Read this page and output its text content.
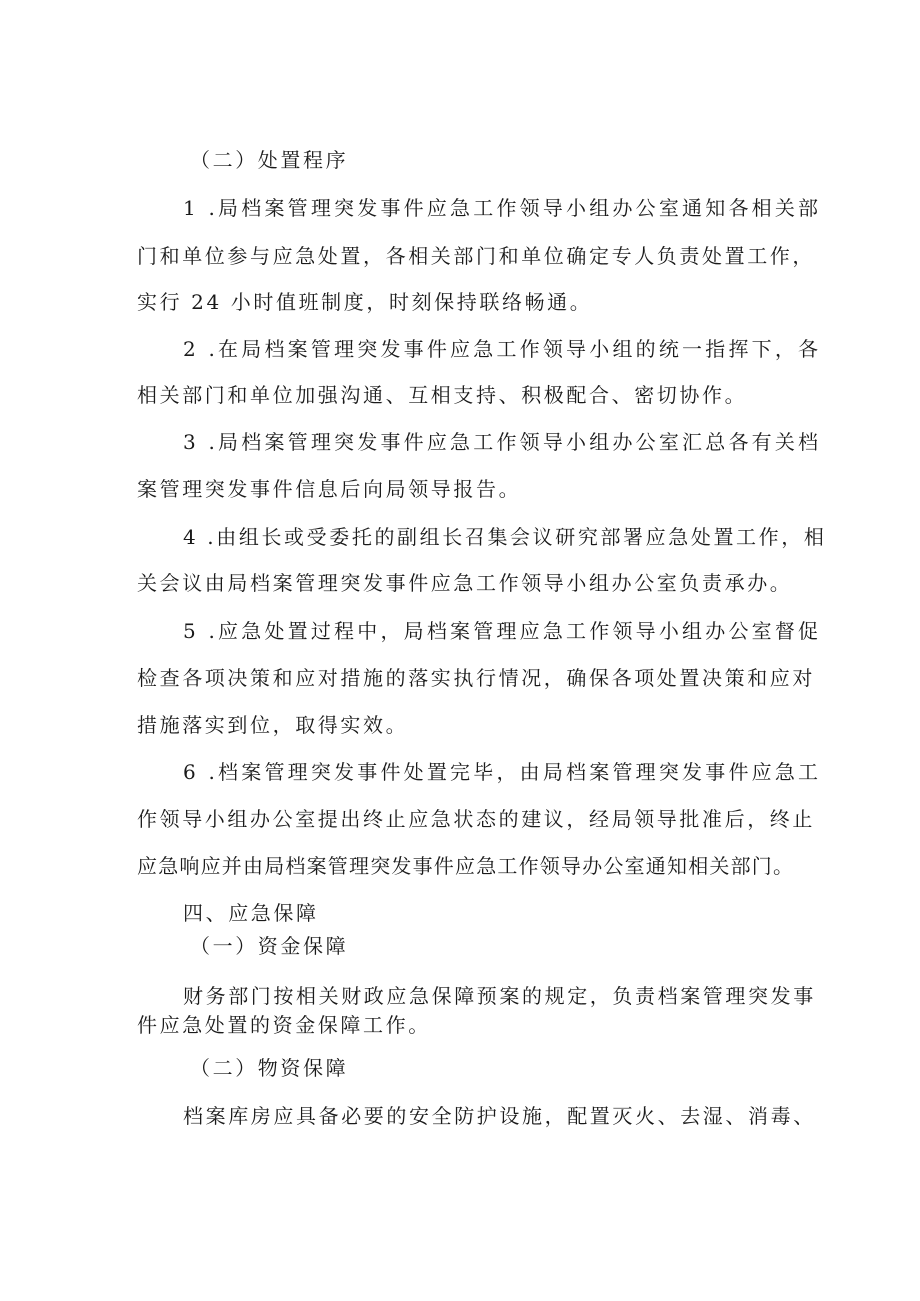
（二）处置程序
1 .局档案管理突发事件应急工作领导小组办公室通知各相关部
门和单位参与应急处置，各相关部门和单位确定专人负责处置工作，
实行 24 小时值班制度，时刻保持联络畅通。
2 .在局档案管理突发事件应急工作领导小组的统一指挥下，各
相关部门和单位加强沟通、互相支持、积极配合、密切协作。
3 .局档案管理突发事件应急工作领导小组办公室汇总各有关档
案管理突发事件信息后向局领导报告。
4 .由组长或受委托的副组长召集会议研究部署应急处置工作，相
关会议由局档案管理突发事件应急工作领导小组办公室负责承办。
5 .应急处置过程中，局档案管理应急工作领导小组办公室督促
检查各项决策和应对措施的落实执行情况，确保各项处置决策和应对
措施落实到位，取得实效。
6 .档案管理突发事件处置完毕，由局档案管理突发事件应急工
作领导小组办公室提出终止应急状态的建议，经局领导批准后，终止
应急响应并由局档案管理突发事件应急工作领导办公室通知相关部门。
四、应急保障
（一）资金保障
财务部门按相关财政应急保障预案的规定，负责档案管理突发事
件应急处置的资金保障工作。
（二）物资保障
档案库房应具备必要的安全防护设施，配置灭火、去湿、消毒、
